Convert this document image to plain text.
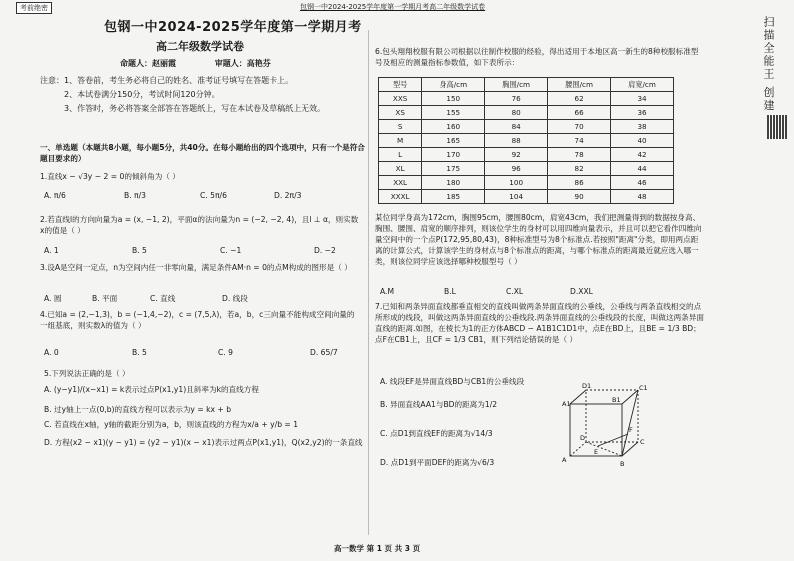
考前绝密	包钢一中2024-2025学年度第一学期月考高二年级数学试卷
包钢一中2024-2025学年度第一学期月考
高二年级数学试卷
命题人：赵丽霞	审题人：高艳芬
注意：1、答卷前，考生务必将自己的姓名、准考证号填写在答题卡上。
2、本试卷满分150分，考试时间120分钟。
3、作答时，务必将答案全部答在答题纸上，写在本试卷及草稿纸上无效。
一、单选题（本题共8小题，每小题5分，共40分。在每小题给出的四个选项中，只有一个是符合题目要求的）
1.直线x − √3y − 2 = 0的倾斜角为（ ）
A. π/6	B. π/3	C. 5π/6	D. 2π/3
2.若直线l的方向向量为a = (x, −1, 2)，平面α的法向量为n = (−2, −2, 4)，且l ⊥ α，则实数x的值是（ ）
A. 1	B. 5	C. −1	D. −2
3.设A是空间一定点，n为空间内任一非零向量，满足条件AM·n = 0的点M构成的图形是（ ）
A. 圆	B. 平面	C. 直线	D. 线段
4.已知a = (2,−1,3)，b = (−1,4,−2)，c = (7,5,λ)，若a，b，c三向量不能构成空间向量的一组基底，则实数λ的值为（ ）
A. 0	B. 5	C. 9	D. 65/7
5.下列说法正确的是（ ）
A. (y−y1)/(x−x1) = k表示过点P(x1,y1)且斜率为k的直线方程
B. 过y轴上一点(0,b)的直线方程可以表示为y = kx + b
C. 若直线在x轴，y轴的截距分别为a，b，则该直线的方程为x/a + y/b = 1
D. 方程(x2 − x1)(y − y1) = (y2 − y1)(x − x1)表示过两点P(x1,y1)，Q(x2,y2)的一条直线
6.包头翔翔校服有限公司根据以往制作校服的经验，得出适用于本地区高一新生的8种校服标准型号及相应的测量指标参数值，如下表所示：
型号	身高/cm	胸围/cm	腰围/cm	肩宽/cm
XXS	150	76	62	34
XS	155	80	66	36
S	160	84	70	38
M	165	88	74	40
L	170	92	78	42
XL	175	96	82	44
XXL	180	100	86	46
XXXL	185	104	90	48
某位同学身高为172cm，胸围95cm，腰围80cm，肩宽43cm，我们把测量得到的数据按身高、胸围、腰围、肩宽的顺序排列，则该位学生的身材可以用四维向量表示，并且可以把它看作四维向量空间中的一个点P(172,95,80,43)，8种标准型号为8个标准点.若按照"距离"分类，即用两点距离的计算公式，计算该学生的身材点与8个标准点的距离，与哪个标准点的距离最近就应选入哪一类，则该位同学应该选择哪种校服型号（ ）
A.M	B.L	C.XL	D.XXL
7.已知和两条异面直线都垂直相交的直线叫做两条异面直线的公垂线，公垂线与两条直线相交的点所形成的线段，叫做这两条异面直线的公垂线段.两条异面直线的公垂线段的长度，叫做这两条异面直线的距离.如图，在棱长为1的正方体ABCD − A1B1C1D1中，点E在BD上，且BE = 1/3 BD；点F在CB1上，且CF = 1/3 CB1，则下列结论错误的是（ ）
A. 线段EF是异面直线BD与CB1的公垂线段
B. 异面直线AA1与BD的距离为1/2
C. 点D1到直线EF的距离为√14/3
D. 点D1到平面DEF的距离为√6/3
D1	C1
A1	B1
D	C
A	B
E
F
高一数学 第 1 页 共 3 页
扫描全能王 创建
